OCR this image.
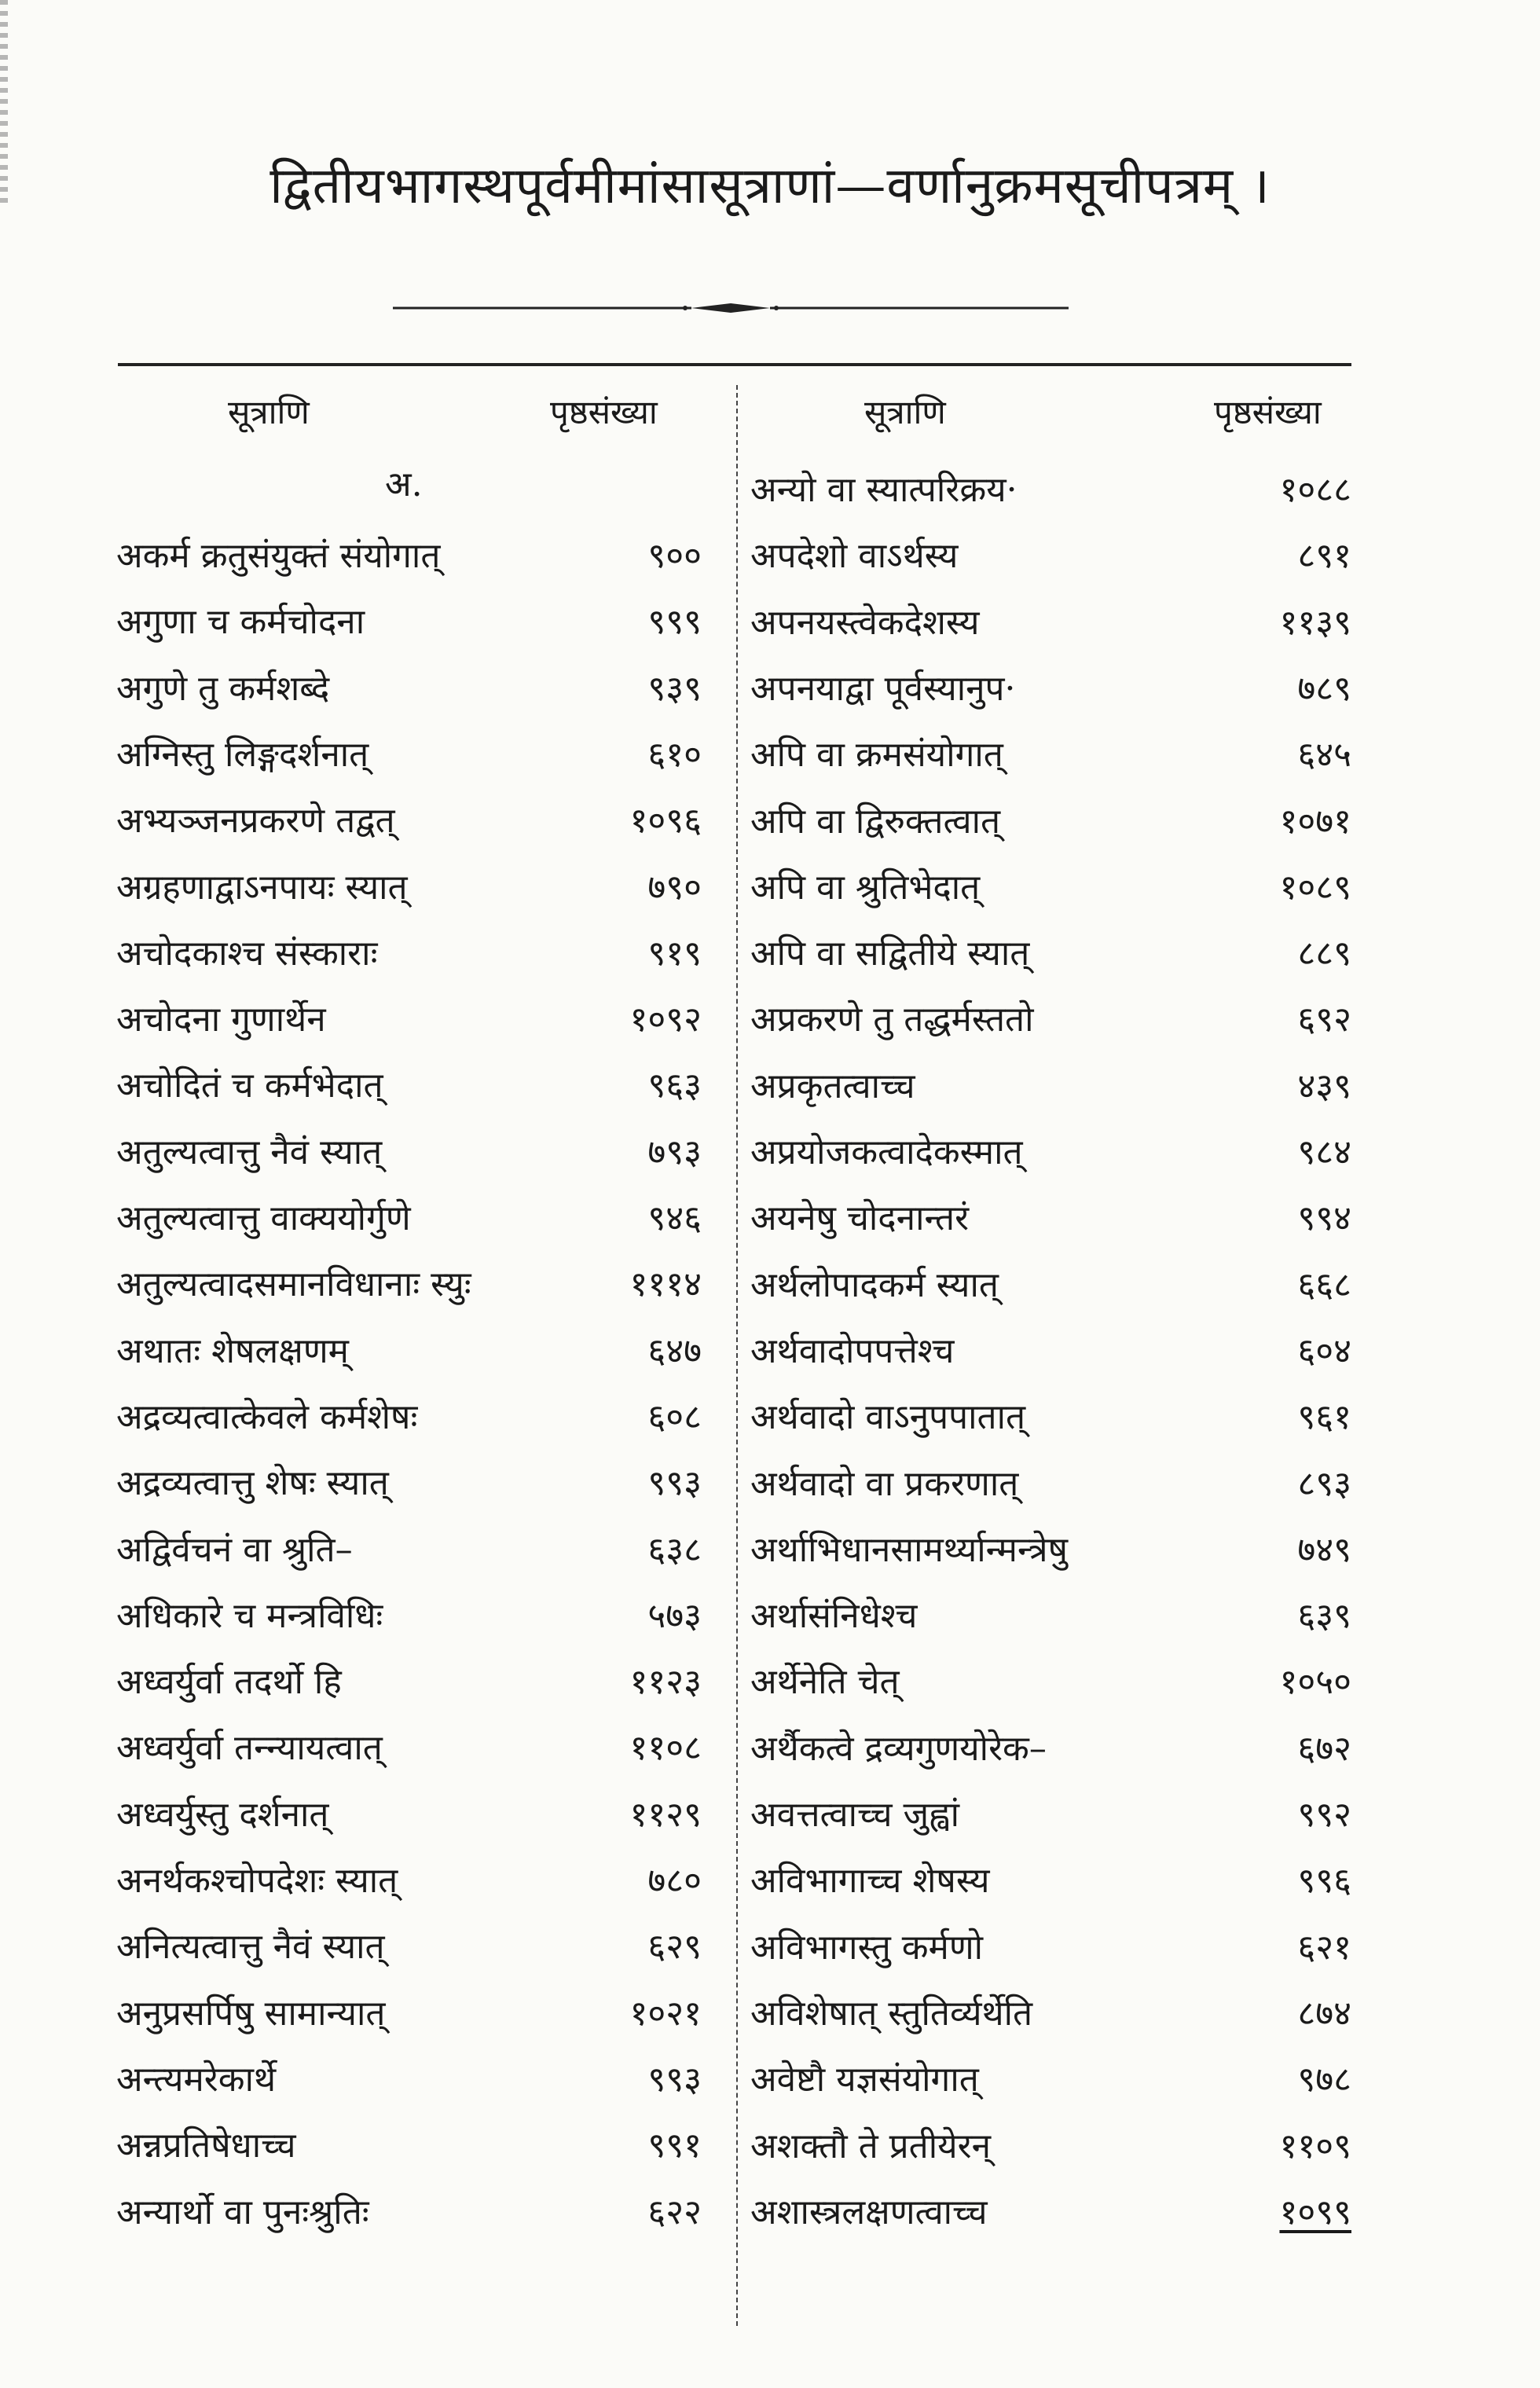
द्वितीयभागस्थपूर्वमीमांसासूत्राणां—वर्णानुक्रमसूचीपत्रम् ।
सूत्राणि	पृष्ठसंख्या	सूत्राणि	पृष्ठसंख्या
अ.
अकर्म क्रतुसंयुक्तं संयोगात्	९००
अगुणा च कर्मचोदना	९९९
अगुणे तु कर्मशब्दे	९३९
अग्निस्तु लिङ्गदर्शनात्	६१०
अभ्यञ्जनप्रकरणे तद्वत्	१०९६
अग्रहणाद्वाऽनपायः स्यात्	७९०
अचोदकाश्च संस्काराः	९१९
अचोदना गुणार्थेन	१०९२
अचोदितं च कर्मभेदात्	९६३
अतुल्यत्वात्तु नैवं स्यात्	७९३
अतुल्यत्वात्तु वाक्ययोर्गुणे	९४६
अतुल्यत्वादसमानविधानाः स्युः	१११४
अथातः शेषलक्षणम्	६४७
अद्रव्यत्वात्केवले कर्मशेषः	६०८
अद्रव्यत्वात्तु शेषः स्यात्	९९३
अद्विर्वचनं वा श्रुति–	६३८
अधिकारे च मन्त्रविधिः	५७३
अध्वर्युर्वा तदर्थो हि	११२३
अध्वर्युर्वा तन्न्यायत्वात्	११०८
अध्वर्युस्तु दर्शनात्	११२९
अनर्थकश्चोपदेशः स्यात्	७८०
अनित्यत्वात्तु नैवं स्यात्	६२९
अनुप्रसर्पिषु सामान्यात्	१०२१
अन्त्यमरेकार्थे	९९३
अन्नप्रतिषेधाच्च	९९१
अन्यार्थो वा पुनःश्रुतिः	६२२
अन्यो वा स्यात्परिक्रय·	१०८८
अपदेशो वाऽर्थस्य	८९१
अपनयस्त्वेकदेशस्य	११३९
अपनयाद्वा पूर्वस्यानुप·	७८९
अपि वा क्रमसंयोगात्	६४५
अपि वा द्विरुक्तत्वात्	१०७१
अपि वा श्रुतिभेदात्	१०८९
अपि वा सद्वितीये स्यात्	८८९
अप्रकरणे तु तद्धर्मस्ततो	६९२
अप्रकृतत्वाच्च	४३९
अप्रयोजकत्वादेकस्मात्	९८४
अयनेषु चोदनान्तरं	९९४
अर्थलोपादकर्म स्यात्	६६८
अर्थवादोपपत्तेश्च	६०४
अर्थवादो वाऽनुपपातात्	९६१
अर्थवादो वा प्रकरणात्	८९३
अर्थाभिधानसामर्थ्यान्मन्त्रेषु	७४९
अर्थासंनिधेश्च	६३९
अर्थेनेति चेत्	१०५०
अर्थैकत्वे द्रव्यगुणयोरेक–	६७२
अवत्तत्वाच्च जुह्वां	९९२
अविभागाच्च शेषस्य	९९६
अविभागस्तु कर्मणो	६२१
अविशेषात् स्तुतिर्व्यर्थेति	८७४
अवेष्टौ यज्ञसंयोगात्	९७८
अशक्तौ ते प्रतीयेरन्	११०९
अशास्त्रलक्षणत्वाच्च	१०९९
